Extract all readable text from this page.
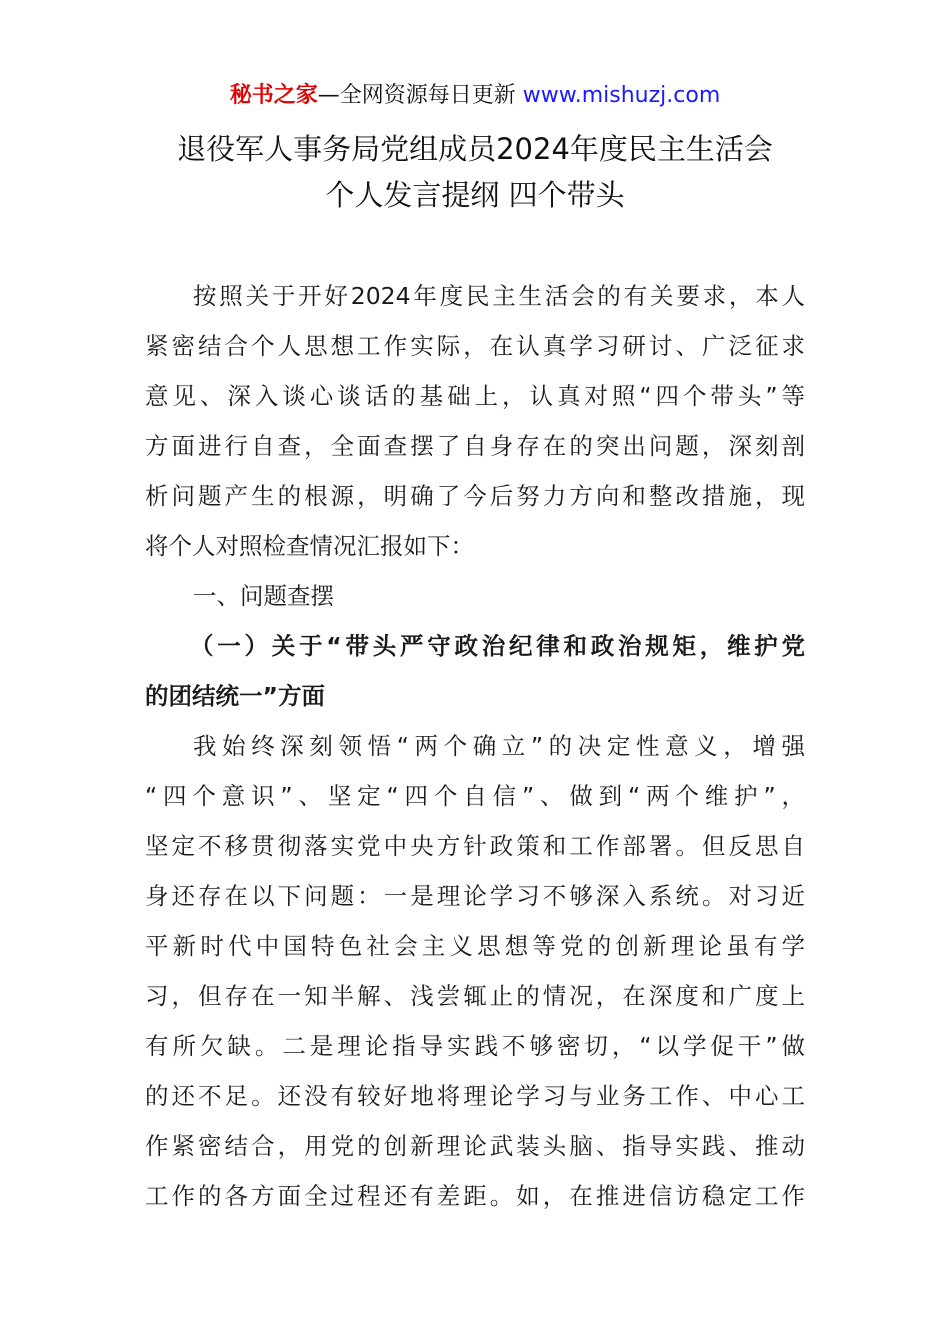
秘书之家—全网资源每日更新 www.mishuzj.com
退役军人事务局党组成员2024年度民主生活会
个人发言提纲 四个带头
按照关于开好2024年度民主生活会的有关要求，本人
紧密结合个人思想工作实际，在认真学习研讨、广泛征求
意见、深入谈心谈话的基础上，认真对照“四个带头”等
方面进行自查，全面查摆了自身存在的突出问题，深刻剖
析问题产生的根源，明确了今后努力方向和整改措施，现
将个人对照检查情况汇报如下：
一、问题查摆
（一）关于“带头严守政治纪律和政治规矩，维护党
的团结统一”方面
我始终深刻领悟“两个确立”的决定性意义，增强
“四个意识”、坚定“四个自信”、做到“两个维护”，
坚定不移贯彻落实党中央方针政策和工作部署。但反思自
身还存在以下问题：一是理论学习不够深入系统。对习近
平新时代中国特色社会主义思想等党的创新理论虽有学
习，但存在一知半解、浅尝辄止的情况，在深度和广度上
有所欠缺。二是理论指导实践不够密切，“以学促干”做
的还不足。还没有较好地将理论学习与业务工作、中心工
作紧密结合，用党的创新理论武装头脑、指导实践、推动
工作的各方面全过程还有差距。如，在推进信访稳定工作
